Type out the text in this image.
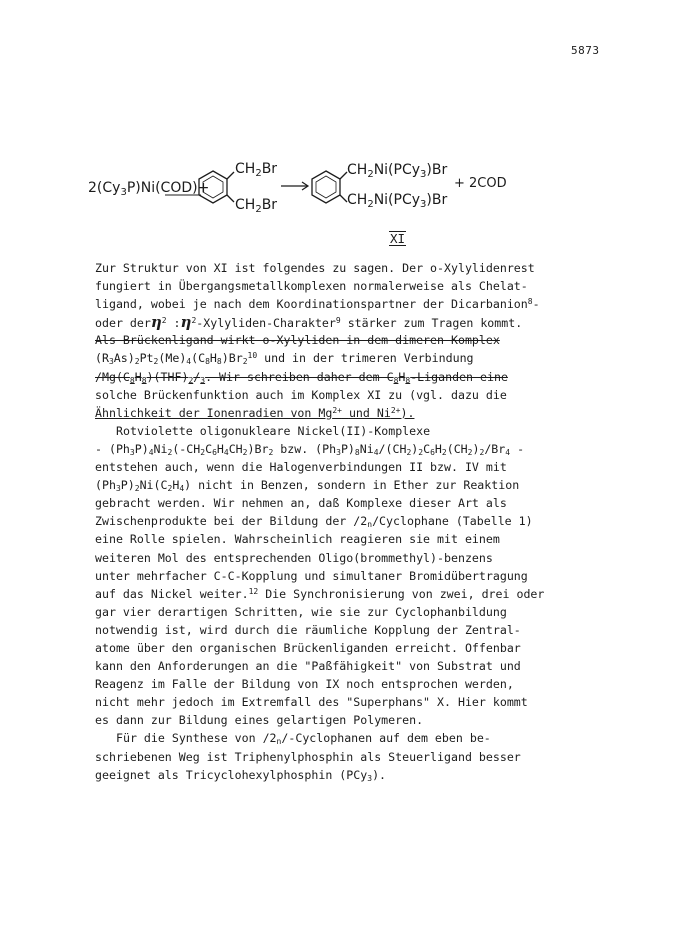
5873
$2(Cy_3P)Ni(COD)+$
$CH_2Br$
$CH_2Br$
$CH_2Ni(PCy_3)Br$
$CH_2Ni(PCy_3)Br$
+ 2COD
XI
Zur Struktur von XI ist folgendes zu sagen. Der o-Xylylidenrest
fungiert in Übergangsmetallkomplexen normalerweise als Chelat-
ligand, wobei je nach dem Koordinationspartner der Dicarbanion$^8$-
oder derη$^2$ $:\eta^2-Xylyliden-Charakter^9$ stärker zum Tragen kommt.
Als Brückenligand wirkt o-Xylyliden in dem dimeren Komplex
$(R_3As)_2Pt_2(Me)_4(C_8H_8)Br_2^{10}$ und in der trimeren Verbindung
$/Mg(C_8H_8)(THF)_2/_3$. Wir schreiben daher dem $C_8H_8$-Liganden eine
solche Brückenfunktion auch im Komplex XI zu (vgl. dazu die
Ähnlichkeit der Ionenradien von $Mg^{2+}$ und $Ni^{2+}$).
Rotviolette oligonukleare Nickel(II)-Komplexe
- $(Ph_3P)_4Ni_2(-CH_2C_6H_4CH_2)Br_2$ bzw. $(Ph_3P)_8Ni_4/(CH_2)_2C_6H_2(CH_2)_2/Br_4$ -
entstehen auch, wenn die Halogenverbindungen II bzw. IV mit
$(Ph_3P)_2Ni(C_2H_4)$ nicht in Benzen, sondern in Ether zur Reaktion
gebracht werden. Wir nehmen an, daß Komplexe dieser Art als
Zwischenprodukte bei der Bildung der $/2_n$/Cyclophane (Tabelle 1)
eine Rolle spielen. Wahrscheinlich reagieren sie mit einem
weiteren Mol des entsprechenden Oligo(brommethyl)-benzens
unter mehrfacher C-C-Kopplung und simultaner Bromidübertragung
auf das Nickel weiter.$^{12}$ Die Synchronisierung von zwei, drei oder
gar vier derartigen Schritten, wie sie zur Cyclophanbildung
notwendig ist, wird durch die räumliche Kopplung der Zentral-
atome über den organischen Brückenliganden erreicht. Offenbar
kann den Anforderungen an die "Paßfähigkeit" von Substrat und
Reagenz im Falle der Bildung von IX noch entsprochen werden,
nicht mehr jedoch im Extremfall des "Superphans" X. Hier kommt
es dann zur Bildung eines gelartigen Polymeren.
Für die Synthese von $/2_n/$-Cyclophanen auf dem eben be-
schriebenen Weg ist Triphenylphosphin als Steuerligand besser
geeignet als Tricyclohexylphosphin (PCy$_3$).
